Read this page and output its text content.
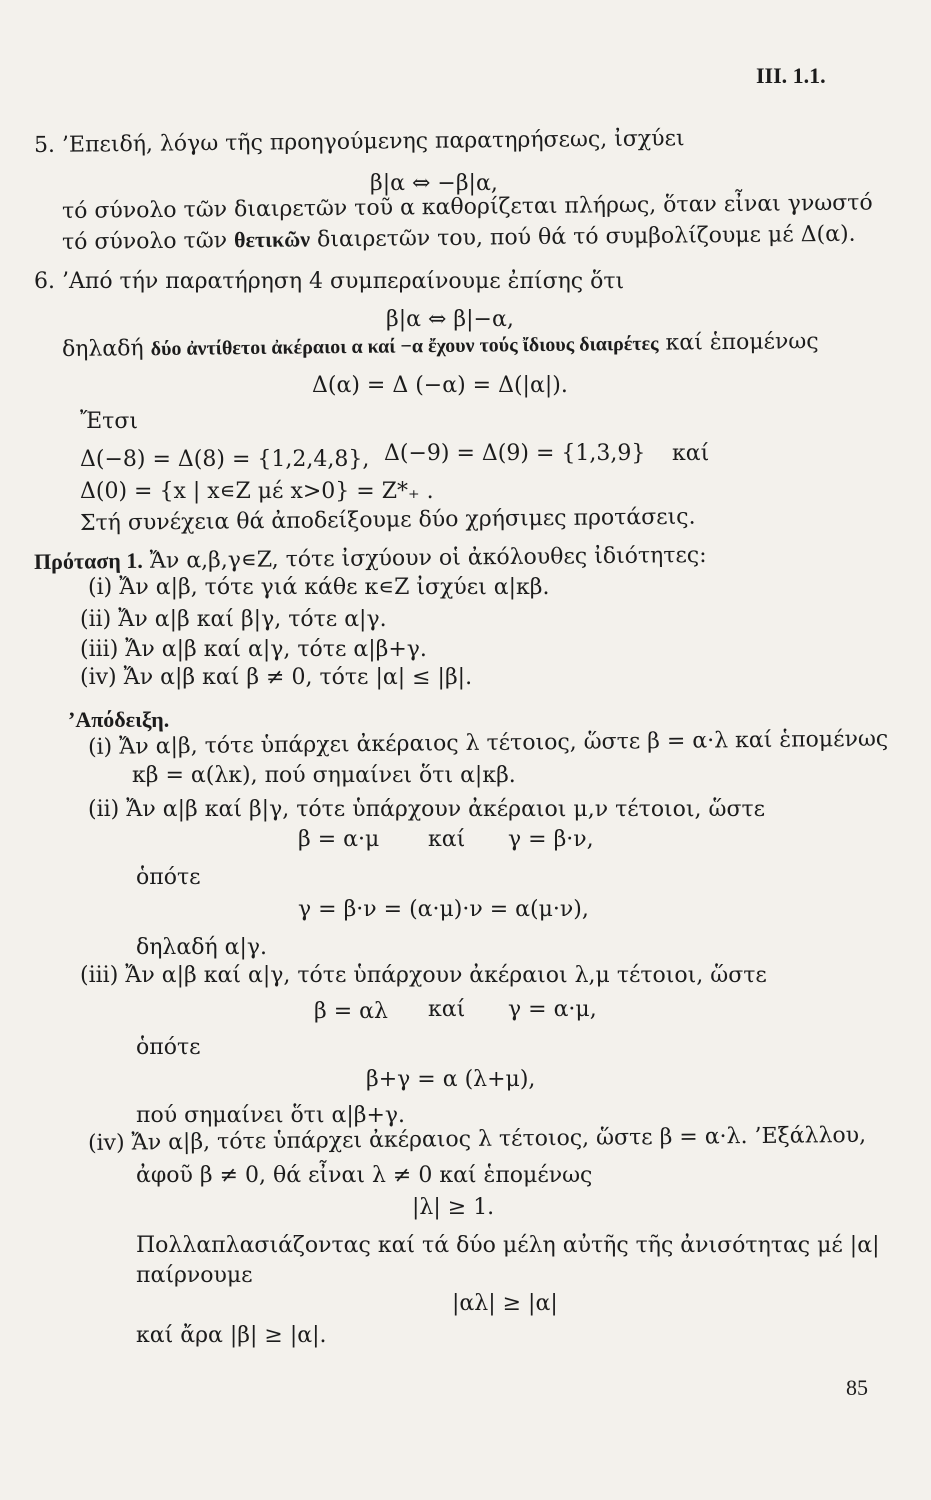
III. 1.1.
5. ’Επειδή, λόγω τῆς προηγούμενης παρατηρήσεως, ἰσχύει
β|α ⇔ −β|α,
τό σύνολο τῶν διαιρετῶν τοῦ α καθορίζεται πλήρως, ὅταν εἶναι γνωστό
τό σύνολο τῶν θετικῶν διαιρετῶν του, πού θά τό συμβολίζουμε μέ Δ(α).
6. ’Από τήν παρατήρηση 4 συμπεραίνουμε ἐπίσης ὅτι
β|α ⇔ β|−α,
δηλαδή δύο ἀντίθετοι ἀκέραιοι α καί −α ἔχουν τούς ἴδιους διαιρέτες καί ἑπομένως
Δ(α) = Δ (−α) = Δ(|α|).
Ἔτσι
Δ(−8) = Δ(8) = {1,2,4,8}, Δ(−9) = Δ(9) = {1,3,9} καί
Δ(0) = {x | x∊Z μέ x>0} = Z*₊ .
Στή συνέχεια θά ἀποδείξουμε δύο χρήσιμες προτάσεις.
Πρόταση 1. Ἄν α,β,γ∊Z, τότε ἰσχύουν οἱ ἀκόλουθες ἰδιότητες:
(i) Ἄν α|β, τότε γιά κάθε κ∊Z ἰσχύει α|κβ.
(ii) Ἄν α|β καί β|γ, τότε α|γ.
(iii) Ἄν α|β καί α|γ, τότε α|β+γ.
(iv) Ἄν α|β καί β ≠ 0, τότε |α| ≤ |β|.
’Απόδειξη.
(i) Ἄν α|β, τότε ὑπάρχει ἀκέραιος λ τέτοιος, ὥστε β = α·λ καί ἑπομένως
κβ = α(λκ), πού σημαίνει ὅτι α|κβ.
(ii) Ἄν α|β καί β|γ, τότε ὑπάρχουν ἀκέραιοι μ,ν τέτοιοι, ὥστε
β = α·μ καί γ = β·ν,
ὁπότε
γ = β·ν = (α·μ)·ν = α(μ·ν),
δηλαδή α|γ.
(iii) Ἄν α|β καί α|γ, τότε ὑπάρχουν ἀκέραιοι λ,μ τέτοιοι, ὥστε
β = αλ καί γ = α·μ,
ὁπότε
β+γ = α (λ+μ),
πού σημαίνει ὅτι α|β+γ.
(iv) Ἄν α|β, τότε ὑπάρχει ἀκέραιος λ τέτοιος, ὥστε β = α·λ. ’Εξάλλου,
ἀφοῦ β ≠ 0, θά εἶναι λ ≠ 0 καί ἑπομένως
|λ| ≥ 1.
Πολλαπλασιάζοντας καί τά δύο μέλη αὐτῆς τῆς ἀνισότητας μέ |α|
παίρνουμε
|αλ| ≥ |α|
καί ἄρα |β| ≥ |α|.
85
